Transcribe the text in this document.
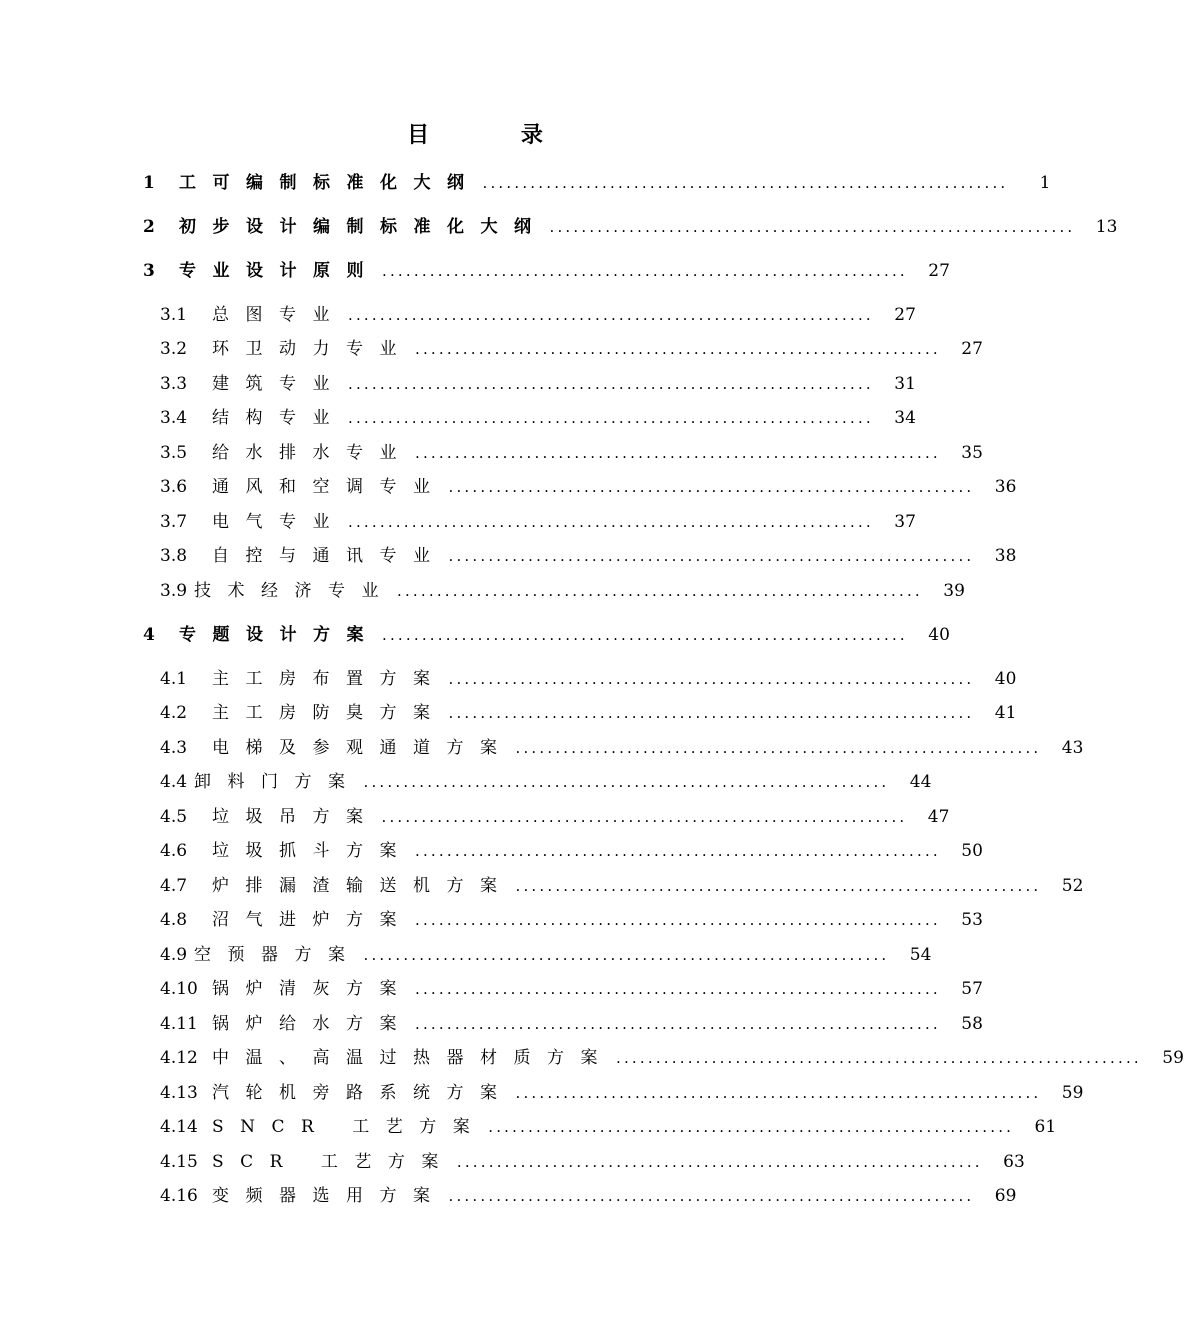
目 录
1	工可编制标准化大纲 ..................................................................	1
2	初步设计编制标准化大纲 ..................................................................	13
3	专业设计原则 ..................................................................	27
3.1	总图专业 ..................................................................	27
3.2	环卫动力专业 ..................................................................	27
3.3	建筑专业 ..................................................................	31
3.4	结构专业 ..................................................................	34
3.5	给水排水专业 ..................................................................	35
3.6	通风和空调专业 ..................................................................	36
3.7	电气专业 ..................................................................	37
3.8	自控与通讯专业 ..................................................................	38
3.9 技术经济专业 ..................................................................	39
4	专题设计方案 ..................................................................	40
4.1	主工房布置方案 ..................................................................	40
4.2	主工房防臭方案 ..................................................................	41
4.3	电梯及参观通道方案 ..................................................................	43
4.4 卸料门方案 ..................................................................	44
4.5	垃圾吊方案 ..................................................................	47
4.6	垃圾抓斗方案 ..................................................................	50
4.7	炉排漏渣输送机方案 ..................................................................	52
4.8	沼气进炉方案 ..................................................................	53
4.9 空预器方案 ..................................................................	54
4.10 锅炉清灰方案 ..................................................................	57
4.11 锅炉给水方案 ..................................................................	58
4.12 中温、高温过热器材质方案 ..................................................................	59
4.13 汽轮机旁路系统方案 ..................................................................	59
4.14 SNCR 工艺方案 ..................................................................	61
4.15 SCR 工艺方案 ..................................................................	63
4.16 变频器选用方案 ..................................................................	69
